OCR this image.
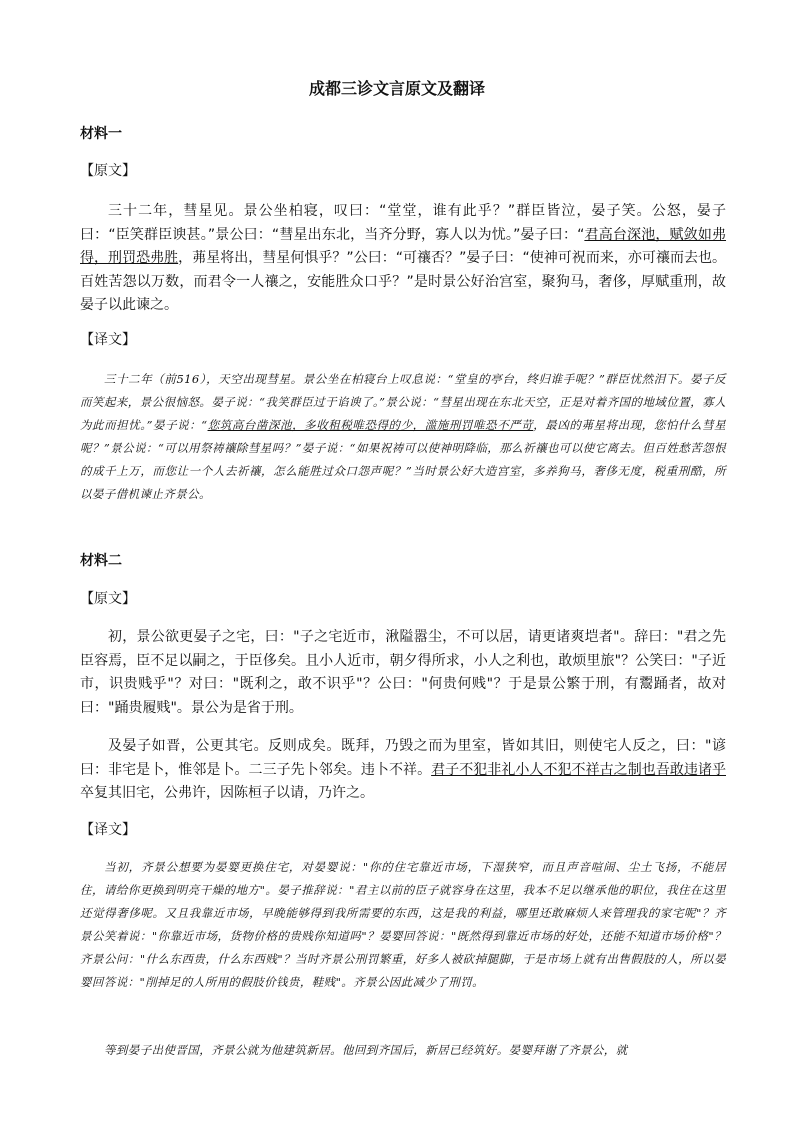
成都三诊文言原文及翻译
材料一
【原文】

三十二年，彗星见。景公坐柏寝，叹曰：“堂堂，谁有此乎？”群臣皆泣，晏子笑。公怒，晏子曰：“臣笑群臣谀甚。”景公曰：“彗星出东北，当齐分野，寡人以为忧。”晏子曰：“君高台深池，赋敛如弗得，刑罚恐弗胜，茀星将出，彗星何惧乎？”公曰：“可禳否？”晏子曰：“使神可祝而来，亦可禳而去也。百姓苦怨以万数，而君令一人禳之，安能胜众口乎？”是时景公好治宫室，聚狗马，奢侈，厚赋重刑，故晏子以此谏之。

【译文】

三十二年（前516），天空出现彗星。景公坐在柏寝台上叹息说：“堂皇的亭台，终归谁手呢？”群臣忧然泪下。晏子反而笑起来，景公很恼怒。晏子说：“我笑群臣过于谄谀了。”景公说：“彗星出现在东北天空，正是对着齐国的地域位置，寡人为此而担忧。”晏子说：“您筑高台凿深池，多收租税唯恐得的少，滥施刑罚唯恐不严苛，最凶的茀星将出现，您怕什么彗星呢？”景公说：“可以用祭祷禳除彗星吗？”晏子说：“如果祝祷可以使神明降临，那么祈禳也可以使它离去。但百姓愁苦怨恨的成千上万，而您让一个人去祈禳，怎么能胜过众口怨声呢？”当时景公好大造宫室，多养狗马，奢侈无度，税重刑酷，所以晏子借机谏止齐景公。

材料二
【原文】

初，景公欲更晏子之宅，曰："子之宅近市，湫隘嚣尘，不可以居，请更诸爽垲者"。辞曰："君之先臣容焉，臣不足以嗣之，于臣侈矣。且小人近市，朝夕得所求，小人之利也，敢烦里旅"？公笑曰："子近市，识贵贱乎"？对曰："既利之，敢不识乎"？公曰："何贵何贱"？于是景公繁于刑，有鬻踊者，故对曰："踊贵履贱"。景公为是省于刑。

及晏子如晋，公更其宅。反则成矣。既拜，乃毁之而为里室，皆如其旧，则使宅人反之，曰："谚曰：非宅是卜，惟邻是卜。二三子先卜邻矣。违卜不祥。君子不犯非礼小人不犯不祥古之制也吾敢违诸乎卒复其旧宅，公弗许，因陈桓子以请，乃许之。

【译文】

当初，齐景公想要为晏婴更换住宅，对晏婴说："你的住宅靠近市场，下湿狭窄，而且声音喧闹、尘土飞扬，不能居住，请给你更换到明亮干燥的地方"。晏子推辞说："君主以前的臣子就容身在这里，我本不足以继承他的职位，我住在这里还觉得奢侈呢。又且我靠近市场，早晚能够得到我所需要的东西，这是我的利益，哪里还敢麻烦人来管理我的家宅呢"？齐景公笑着说："你靠近市场，货物价格的贵贱你知道吗"？晏婴回答说："既然得到靠近市场的好处，还能不知道市场价格"？齐景公问："什么东西贵，什么东西贱"？当时齐景公刑罚繁重，好多人被砍掉腿脚，于是市场上就有出售假肢的人，所以晏婴回答说："削掉足的人所用的假肢价钱贵，鞋贱"。齐景公因此减少了刑罚。

等到晏子出使晋国，齐景公就为他建筑新居。他回到齐国后，新居已经筑好。晏婴拜谢了齐景公，就
